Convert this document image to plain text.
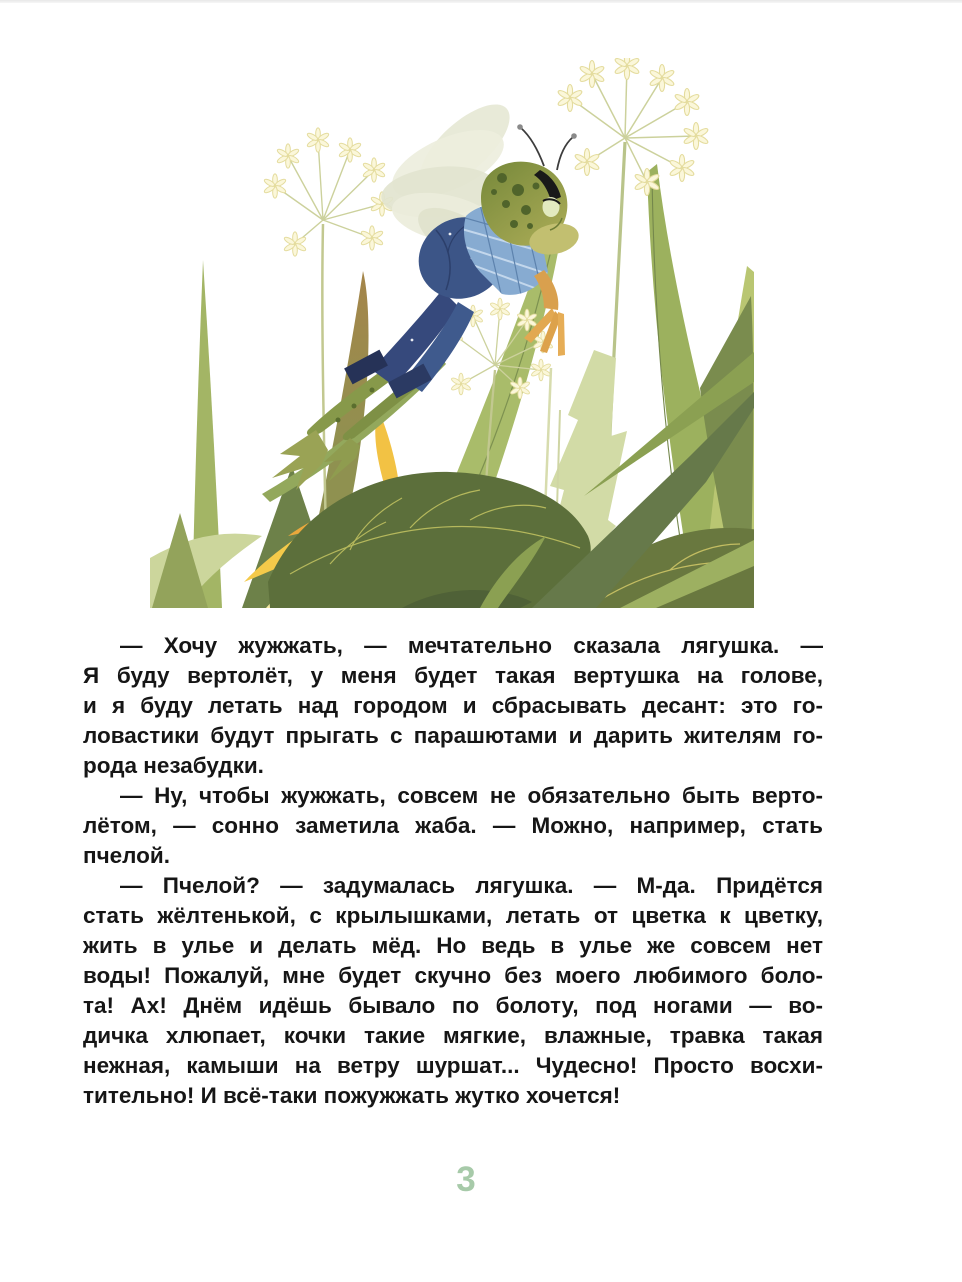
— Хочу жужжать, — мечтательно сказала лягушка. —
Я буду вертолёт, у меня будет такая вертушка на голове,
и я буду летать над городом и сбрасывать десант: это го-
ловастики будут прыгать с парашютами и дарить жителям го-
рода незабудки.
— Ну, чтобы жужжать, совсем не обязательно быть верто-
лётом, — сонно заметила жаба. — Можно, например, стать
пчелой.
— Пчелой? — задумалась лягушка. — М-да. Придётся
стать жёлтенькой, с крылышками, летать от цветка к цветку,
жить в улье и делать мёд. Но ведь в улье же совсем нет
воды! Пожалуй, мне будет скучно без моего любимого боло-
та! Ах! Днём идёшь бывало по болоту, под ногами — во-
дичка хлюпает, кочки такие мягкие, влажные, травка такая
нежная, камыши на ветру шуршат... Чудесно! Просто восхи-
тительно! И всё-таки пожужжать жутко хочется!
3
